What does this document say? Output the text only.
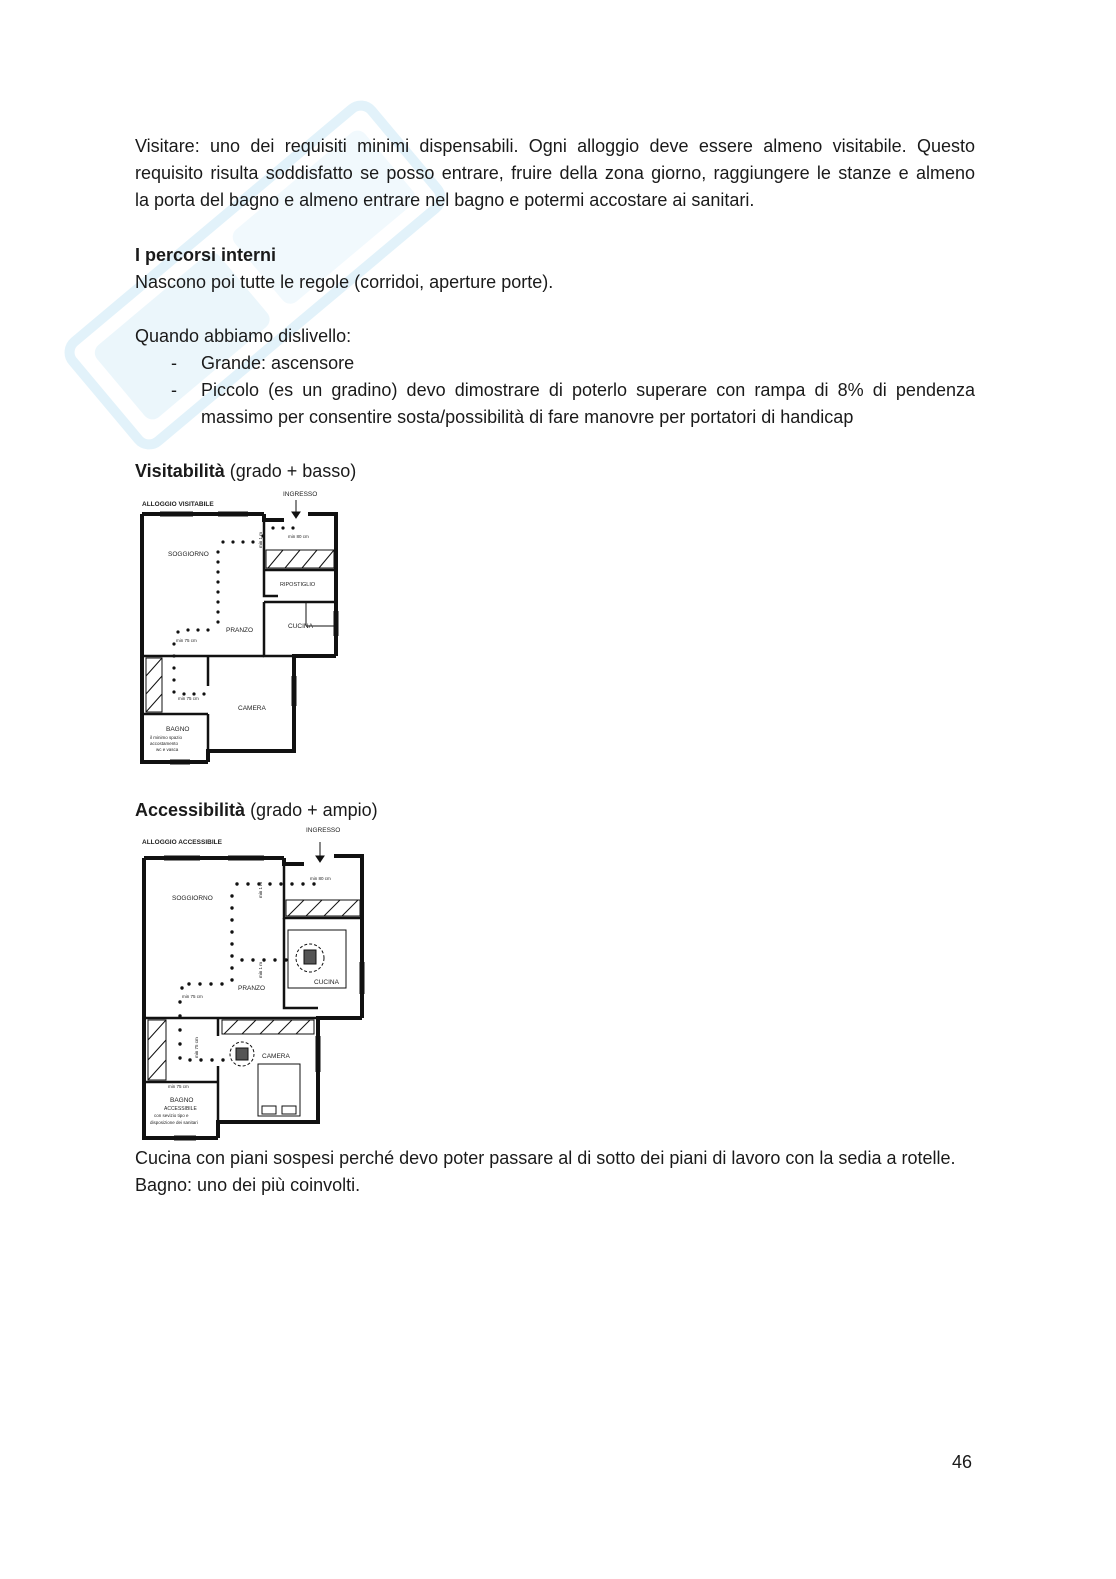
Visitare: uno dei requisiti minimi dispensabili. Ogni alloggio deve essere almeno visitabile. Questo

requisito risulta soddisfatto se posso entrare, fruire della zona giorno, raggiungere le stanze e almeno

la porta del bagno e almeno entrare nel bagno e potermi accostare ai sanitari.

I percorsi interni
Nascono poi tutte le regole (corridoi, aperture porte).
Quando abbiamo dislivello:
- Grande: ascensore
- Piccolo (es un gradino) devo dimostrare di poterlo superare con rampa di 8% di pendenza
massimo per consentire sosta/possibilità di fare manovre per portatori di handicap
Visitabilità (grado + basso)
ALLOGGIO VISITABILE
INGRESSO
SOGGIORNO
RIPOSTIGLIO
PRANZO
CUCINA
CAMERA
BAGNO
il minimo spazio
accostamento
wc e vasca
min 80 cm
min 1 m
min 75 cm
min 75 cm
Accessibilità (grado + ampio)
ALLOGGIO ACCESSIBILE
INGRESSO
SOGGIORNO
PRANZO
CUCINA
CAMERA
BAGNO
ACCESSIBILE
con sevizio tipo e
disposizione dei sanitari
min 80 cm
min 1 m
min 1 m
min 75 cm
min 75 cm
min 75 cm
Cucina con piani sospesi perché devo poter passare al di sotto dei piani di lavoro con la sedia a rotelle.
Bagno: uno dei più coinvolti.
46
